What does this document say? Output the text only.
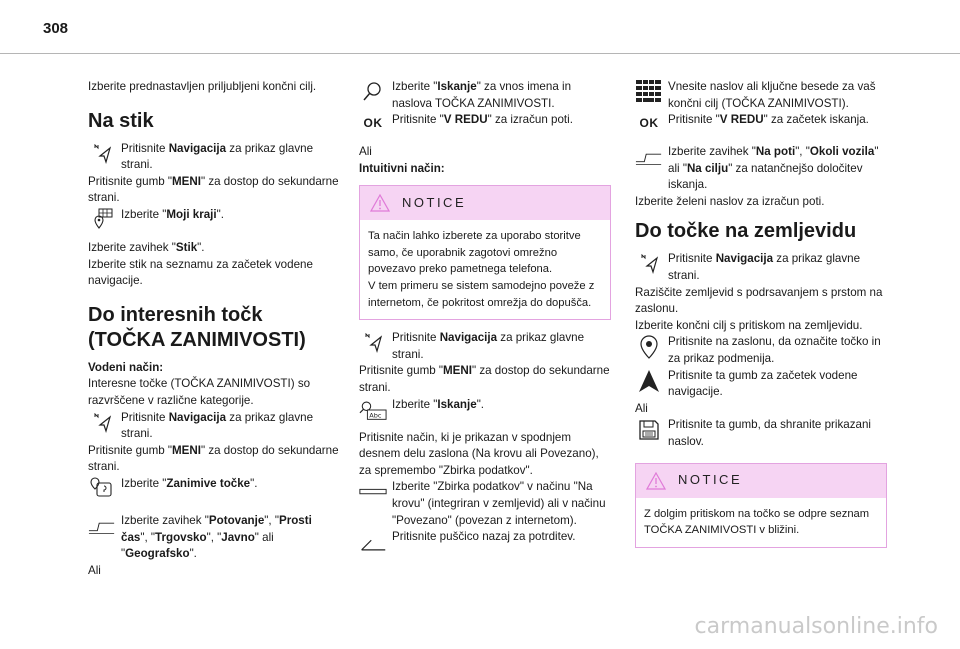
308

Izberite prednastavljen priljubljeni končni cilj.

Na stik
Pritisnite Navigacija za prikaz glavne strani.

Pritisnite gumb "MENI" za dostop do sekundarne strani.

Izberite "Moji kraji".

Izberite zavihek "Stik".

Izberite stik na seznamu za začetek vodene navigacije.

Do interesnih točk (TOČKA ZANIMIVOSTI)

Vodeni način:

Interesne točke (TOČKA ZANIMIVOSTI) so razvrščene v različne kategorije.

Pritisnite Navigacija za prikaz glavne strani.

Pritisnite gumb "MENI" za dostop do sekundarne strani.

Izberite "Zanimive točke".
Izberite zavihek "Potovanje", "Prosti čas", "Trgovsko", "Javno" ali "Geografsko".

Ali

OK
Izberite "Iskanje" za vnos imena in naslova TOČKA ZANIMIVOSTI.
Pritisnite "V REDU" za izračun poti.

Ali

Intuitivni način:

NOTICE
Ta način lahko izberete za uporabo storitve samo, če uporabnik zagotovi omrežno povezavo preko pametnega telefona.
V tem primeru se sistem samodejno poveže z internetom, če pokritost omrežja do dopušča.
Pritisnite Navigacija za prikaz glavne strani.

Pritisnite gumb "MENI" za dostop do sekundarne strani.

Abc
Izberite "Iskanje".

Pritisnite način, ki je prikazan v spodnjem desnem delu zaslona (Na krovu ali Povezano), za spremembo "Zbirka podatkov".

Izberite "Zbirka podatkov" v načinu "Na krovu" (integriran v zemljevid) ali v načinu "Povezano" (povezan z internetom).
Pritisnite puščico nazaj za potrditev.
OK
Vnesite naslov ali ključne besede za vaš končni cilj (TOČKA ZANIMIVOSTI).
Pritisnite "V REDU" za začetek iskanja.
Izberite zavihek "Na poti", "Okoli vozila" ali "Na cilju" za natančnejšo določitev iskanja.

Izberite želeni naslov za izračun poti.

Do točke na zemljevidu
Pritisnite Navigacija za prikaz glavne strani.

Raziščite zemljevid s podrsavanjem s prstom na zaslonu.

Izberite končni cilj s pritiskom na zemljevidu.

Pritisnite na zaslonu, da označite točko in za prikaz podmenija.
Pritisnite ta gumb za začetek vodene navigacije.

Ali

Pritisnite ta gumb, da shranite prikazani naslov.
NOTICE
Z dolgim pritiskom na točko se odpre seznam TOČKA ZANIMIVOSTI v bližini.
carmanualsonline.info
